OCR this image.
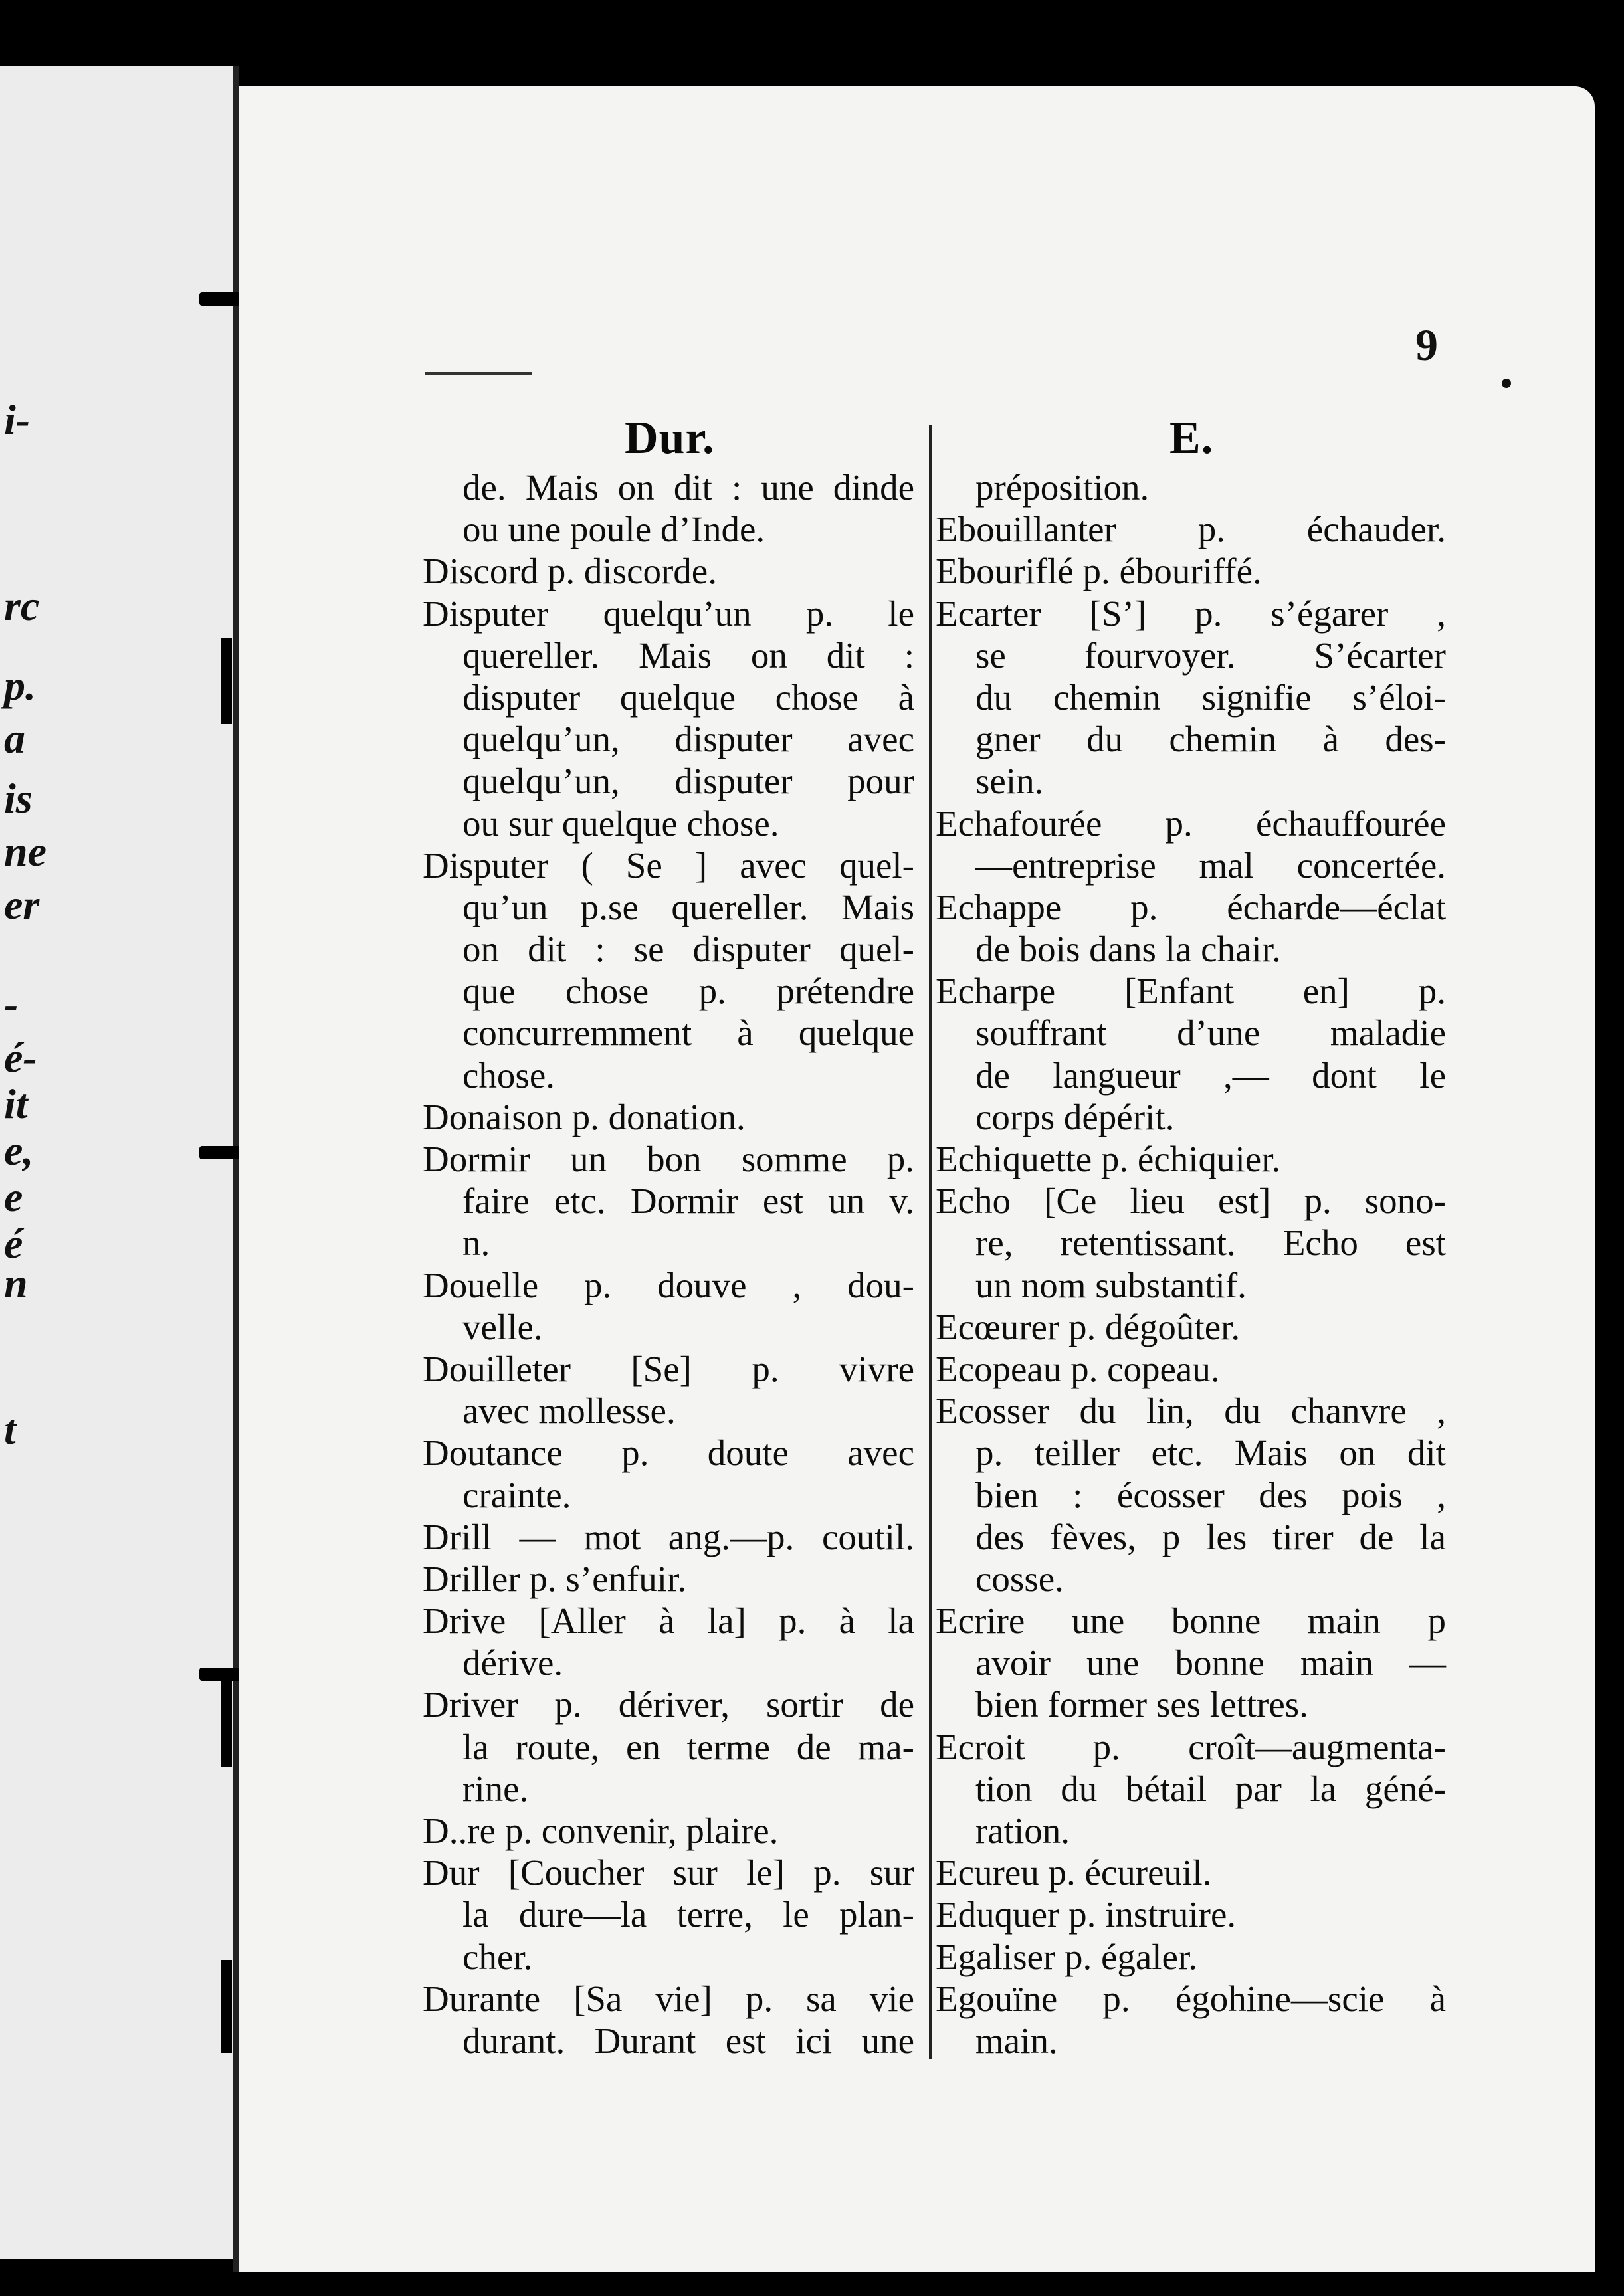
i-
rc
p.
a
is
ne
er
-
é-
it
e,
e
é
n
t
9
Dur.	E.
de. Mais on dit : une dinde
ou une poule d’Inde.
Discord p. discorde.
Disputer quelqu’un p. le
quereller. Mais on dit :
disputer quelque chose à
quelqu’un, disputer avec
quelqu’un, disputer pour
ou sur quelque chose.
Disputer ( Se ] avec quel-
qu’un p.se quereller. Mais
on dit : se disputer quel-
que chose p. prétendre
concurremment à quelque
chose.
Donaison p. donation.
Dormir un bon somme p.
faire etc. Dormir est un v.
n.
Douelle p. douve , dou-
velle.
Douilleter [Se] p. vivre
avec mollesse.
Doutance p. doute avec
crainte.
Drill — mot ang.—p. coutil.
Driller p. s’enfuir.
Drive [Aller à la] p. à la
dérive.
Driver p. dériver, sortir de
la route, en terme de ma-
rine.
D..re p. convenir, plaire.
Dur [Coucher sur le] p. sur
la dure—la terre, le plan-
cher.
Durante [Sa vie] p. sa vie
durant. Durant est ici une
préposition.
Ebouillanter p. échauder.
Ebouriflé p. ébouriffé.
Ecarter [S’] p. s’égarer ,
se fourvoyer. S’écarter
du chemin signifie s’éloi-
gner du chemin à des-
sein.
Echafourée p. échauffourée
—entreprise mal concertée.
Echappe p. écharde—éclat
de bois dans la chair.
Echarpe [Enfant en] p.
souffrant d’une maladie
de langueur ,— dont le
corps dépérit.
Echiquette p. échiquier.
Echo [Ce lieu est] p. sono-
re, retentissant. Echo est
un nom substantif.
Ecœurer p. dégoûter.
Ecopeau p. copeau.
Ecosser du lin, du chanvre ,
p. teiller etc. Mais on dit
bien : écosser des pois ,
des fèves, p les tirer de la
cosse.
Ecrire une bonne main p
avoir une bonne main —
bien former ses lettres.
Ecroit p. croît—augmenta-
tion du bétail par la géné-
ration.
Ecureu p. écureuil.
Eduquer p. instruire.
Egaliser p. égaler.
Egouïne p. égohine—scie à
main.
